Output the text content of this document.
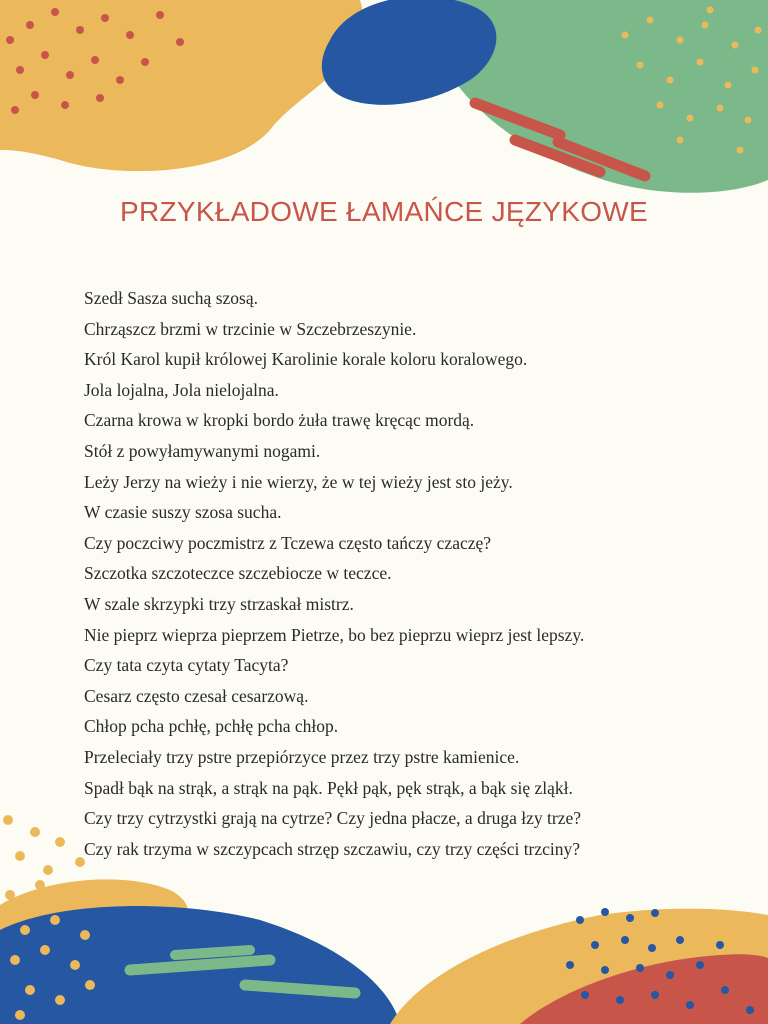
PRZYKŁADOWE ŁAMAŃCE JĘZYKOWE
Szedł Sasza suchą szosą.
Chrząszcz brzmi w trzcinie w Szczebrzeszynie.
Król Karol kupił królowej Karolinie korale koloru koralowego.
Jola lojalna, Jola nielojalna.
Czarna krowa w kropki bordo żuła trawę kręcąc mordą.
Stół z powyłamywanymi nogami.
Leży Jerzy na wieży i nie wierzy, że w tej wieży jest sto jeży.
W czasie suszy szosa sucha.
Czy poczciwy poczmistrz z Tczewa często tańczy czaczę?
Szczotka szczoteczce szczebiocze w teczce.
W szale skrzypki trzy strzaskał mistrz.
Nie pieprz wieprza pieprzem Pietrze, bo bez pieprzu wieprz jest lepszy.
Czy tata czyta cytaty Tacyta?
Cesarz często czesał cesarzową.
Chłop pcha pchłę, pchłę pcha chłop.
Przeleciały trzy pstre przepiórzyce przez trzy pstre kamienice.
Spadł bąk na strąk, a strąk na pąk. Pękł pąk, pęk strąk, a bąk się zląkł.
Czy trzy cytrzystki grają na cytrze? Czy jedna płacze, a druga łzy trze?
Czy rak trzyma w szczypcach strzęp szczawiu, czy trzy części trzciny?
